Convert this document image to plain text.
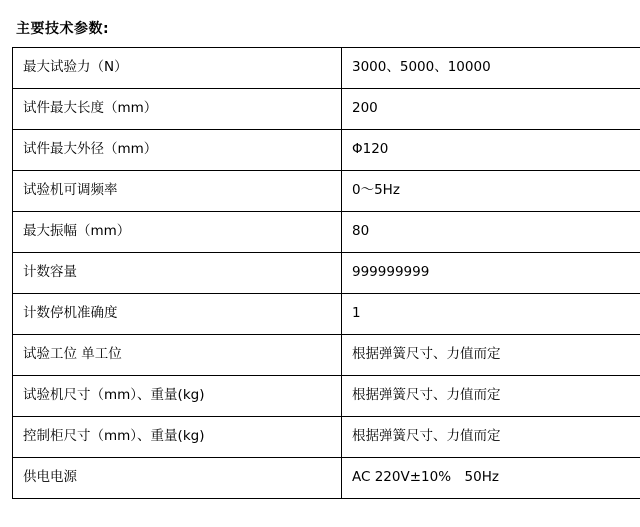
主要技术参数:
最大试验力（N）	3000、5000、10000
试件最大长度（mm）	200
试件最大外径（mm）	Φ120
试验机可调频率	0～5Hz
最大振幅（mm）	80
计数容量	999999999
计数停机准确度	1
试验工位 单工位	根据弹簧尺寸、力值而定
试验机尺寸（mm）、重量(kg)	根据弹簧尺寸、力值而定
控制柜尺寸（mm）、重量(kg)	根据弹簧尺寸、力值而定
供电电源	AC 220V±10%　50Hz
